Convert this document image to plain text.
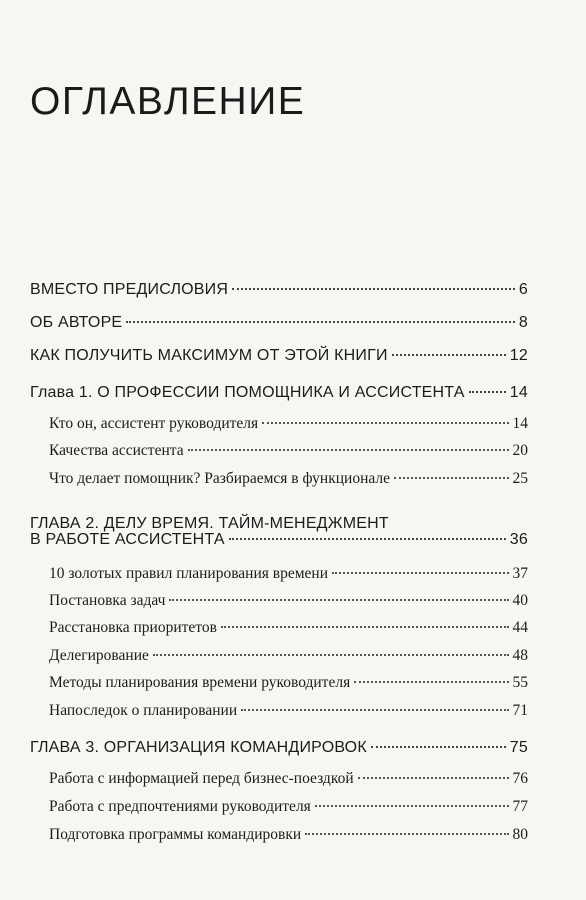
ОГЛАВЛЕНИЕ
ВМЕСТО ПРЕДИСЛОВИЯ	6
ОБ АВТОРЕ	8
КАК ПОЛУЧИТЬ МАКСИМУМ ОТ ЭТОЙ КНИГИ	12
Глава 1. О ПРОФЕССИИ ПОМОЩНИКА И АССИСТЕНТА	14
Кто он, ассистент руководителя	14
Качества ассистента	20
Что делает помощник? Разбираемся в функционале	25
ГЛАВА 2. ДЕЛУ ВРЕМЯ. ТАЙМ-МЕНЕДЖМЕНТ
В РАБОТЕ АССИСТЕНТА	36
10 золотых правил планирования времени	37
Постановка задач	40
Расстановка приоритетов	44
Делегирование	48
Методы планирования времени руководителя	55
Напоследок о планировании	71
ГЛАВА 3. ОРГАНИЗАЦИЯ КОМАНДИРОВОК	75
Работа с информацией перед бизнес-поездкой	76
Работа с предпочтениями руководителя	77
Подготовка программы командировки	80
